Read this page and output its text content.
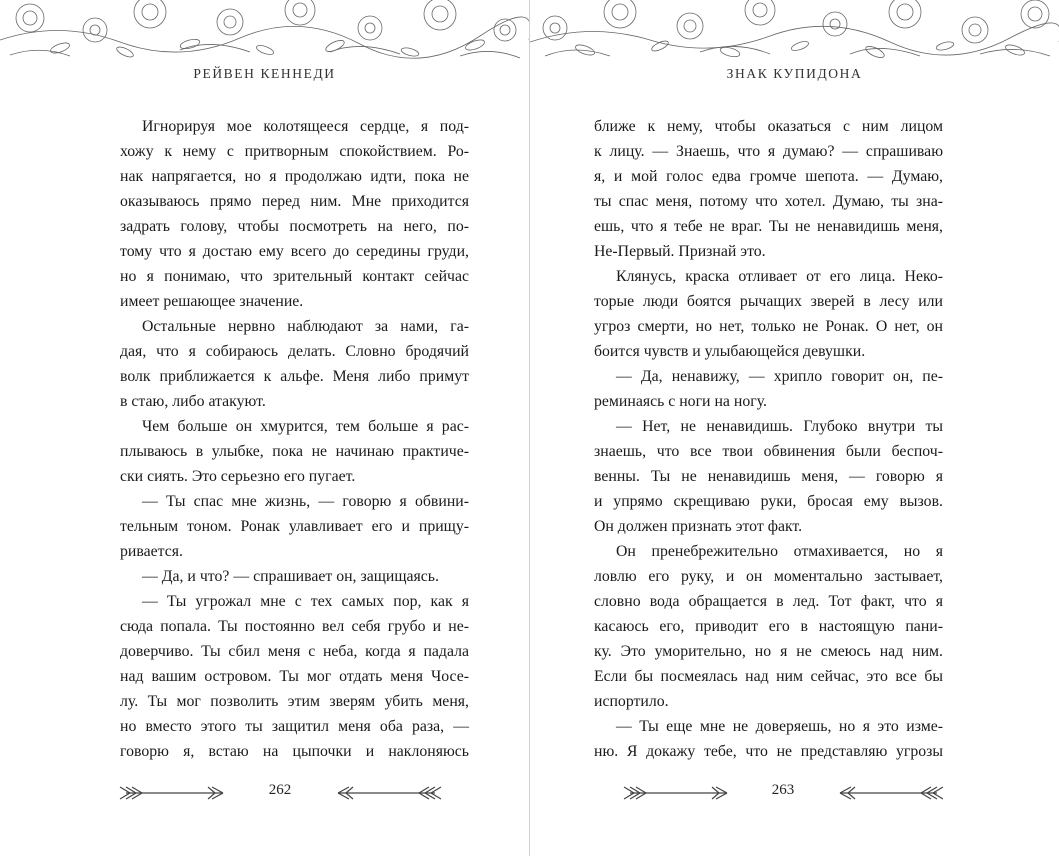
РЕЙВЕН КЕННЕДИ
Игнорируя мое колотящееся сердце, я под-
хожу к нему с притворным спокойствием. Ро-
нак напрягается, но я продолжаю идти, пока не
оказываюсь прямо перед ним. Мне приходится
задрать голову, чтобы посмотреть на него, по-
тому что я достаю ему всего до середины груди,
но я понимаю, что зрительный контакт сейчас
имеет решающее значение.
Остальные нервно наблюдают за нами, га-
дая, что я собираюсь делать. Словно бродячий
волк приближается к альфе. Меня либо примут
в стаю, либо атакуют.
Чем больше он хмурится, тем больше я рас-
плываюсь в улыбке, пока не начинаю практиче-
ски сиять. Это серьезно его пугает.
— Ты спас мне жизнь, — говорю я обвини-
тельным тоном. Ронак улавливает его и прищу-
ривается.
— Да, и что? — спрашивает он, защищаясь.
— Ты угрожал мне с тех самых пор, как я
сюда попала. Ты постоянно вел себя грубо и не-
доверчиво. Ты сбил меня с неба, когда я падала
над вашим островом. Ты мог отдать меня Чосе-
лу. Ты мог позволить этим зверям убить меня,
но вместо этого ты защитил меня оба раза, —
говорю я, встаю на цыпочки и наклоняюсь
262
ЗНАК КУПИДОНА
ближе к нему, чтобы оказаться с ним лицом
к лицу. — Знаешь, что я думаю? — спрашиваю
я, и мой голос едва громче шепота. — Думаю,
ты спас меня, потому что хотел. Думаю, ты зна-
ешь, что я тебе не враг. Ты не ненавидишь меня,
Не-Первый. Признай это.
Клянусь, краска отливает от его лица. Неко-
торые люди боятся рычащих зверей в лесу или
угроз смерти, но нет, только не Ронак. О нет, он
боится чувств и улыбающейся девушки.
— Да, ненавижу, — хрипло говорит он, пе-
реминаясь с ноги на ногу.
— Нет, не ненавидишь. Глубоко внутри ты
знаешь, что все твои обвинения были беспоч-
венны. Ты не ненавидишь меня, — говорю я
и упрямо скрещиваю руки, бросая ему вызов.
Он должен признать этот факт.
Он пренебрежительно отмахивается, но я
ловлю его руку, и он моментально застывает,
словно вода обращается в лед. Тот факт, что я
касаюсь его, приводит его в настоящую пани-
ку. Это уморительно, но я не смеюсь над ним.
Если бы посмеялась над ним сейчас, это все бы
испортило.
— Ты еще мне не доверяешь, но я это изме-
ню. Я докажу тебе, что не представляю угрозы
263
